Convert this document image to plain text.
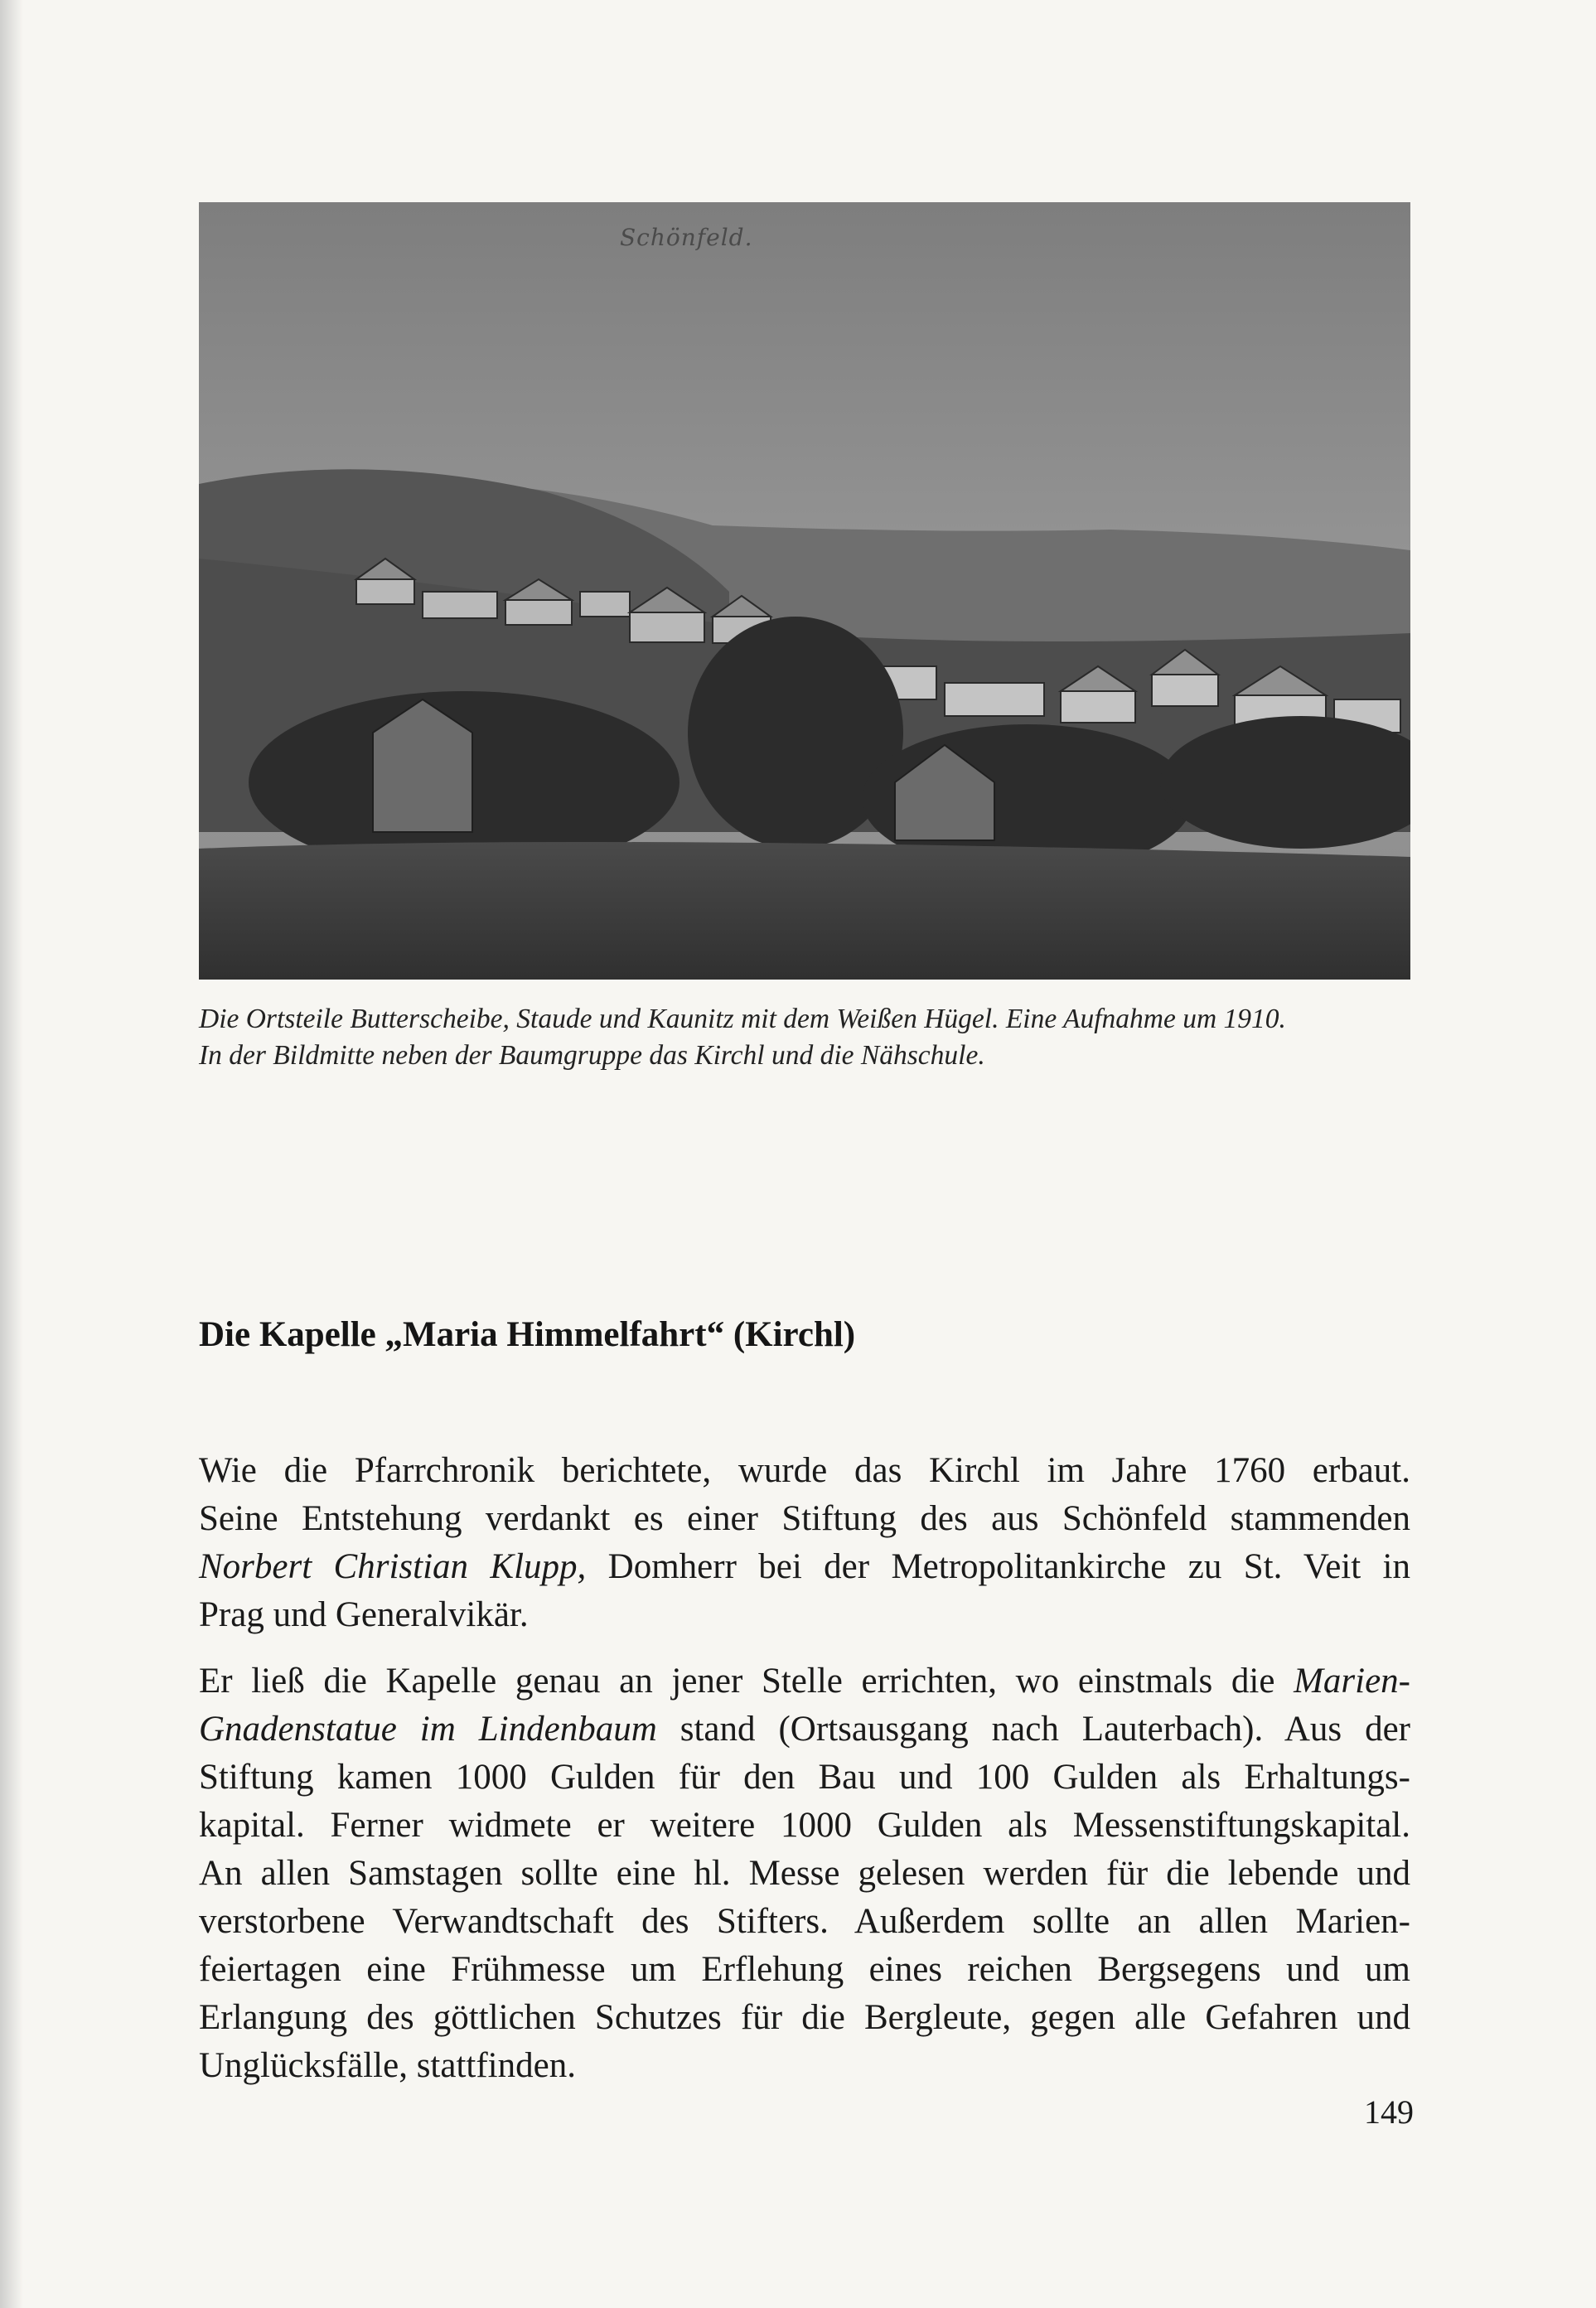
Schönfeld.
Die Ortsteile Butterscheibe, Staude und Kaunitz mit dem Weißen Hügel. Eine Aufnahme um 1910.
In der Bildmitte neben der Baumgruppe das Kirchl und die Nähschule.
Die Kapelle „Maria Himmelfahrt“ (Kirchl)
Wie die Pfarrchronik berichtete, wurde das Kirchl im Jahre 1760 erbaut.
Seine Entstehung verdankt es einer Stiftung des aus Schönfeld stammenden
Norbert Christian Klupp, Domherr bei der Metropolitankirche zu St. Veit in
Prag und Generalvikär.
Er ließ die Kapelle genau an jener Stelle errichten, wo einstmals die Marien-
Gnadenstatue im Lindenbaum stand (Ortsausgang nach Lauterbach). Aus der
Stiftung kamen 1000 Gulden für den Bau und 100 Gulden als Erhaltungs-
kapital. Ferner widmete er weitere 1000 Gulden als Messenstiftungskapital.
An allen Samstagen sollte eine hl. Messe gelesen werden für die lebende und
verstorbene Verwandtschaft des Stifters. Außerdem sollte an allen Marien-
feiertagen eine Frühmesse um Erflehung eines reichen Bergsegens und um
Erlangung des göttlichen Schutzes für die Bergleute, gegen alle Gefahren und
Unglücksfälle, stattfinden.
149
